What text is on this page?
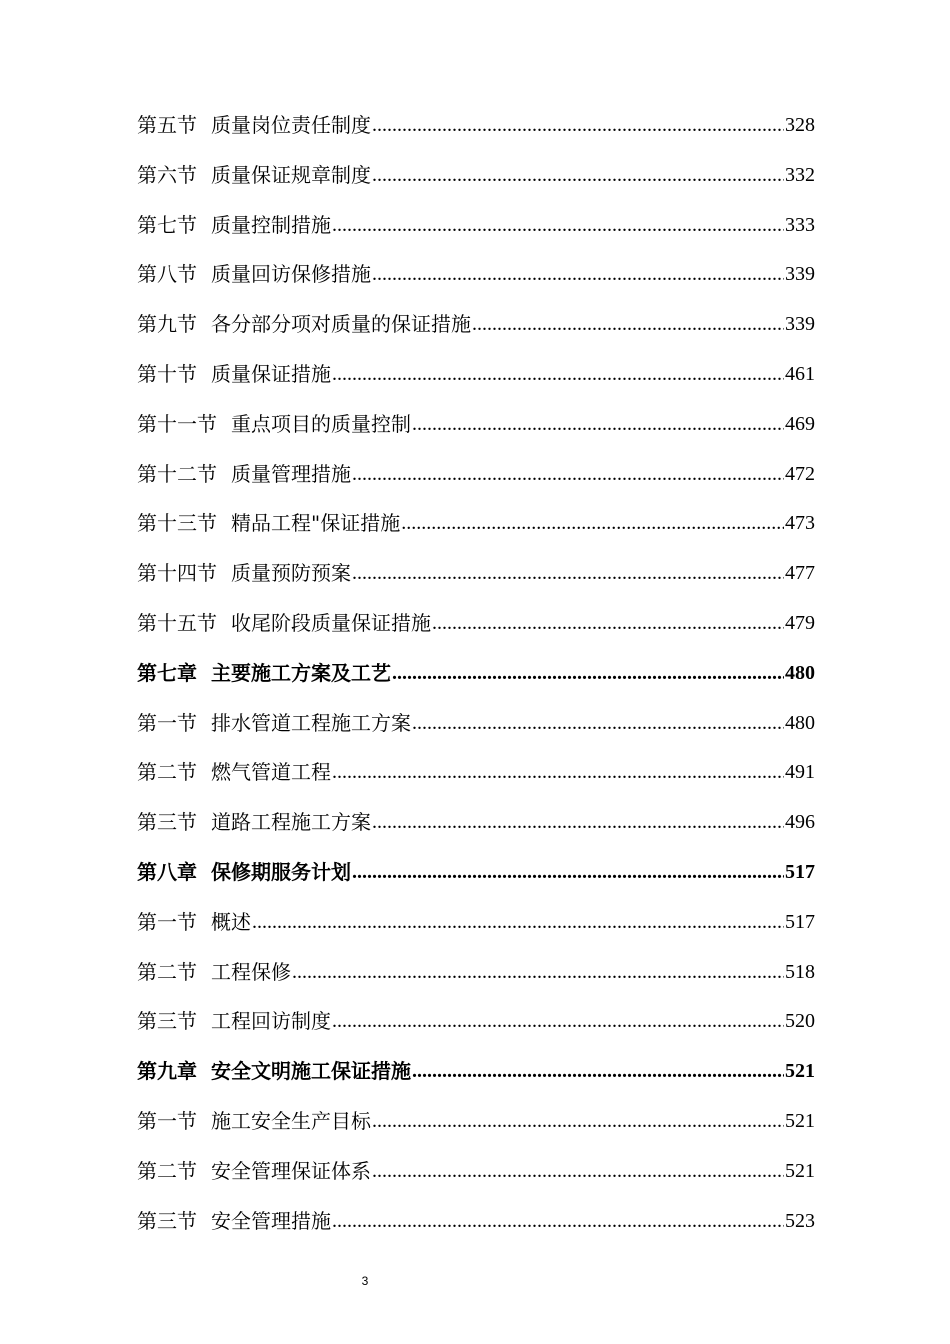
第五节 质量岗位责任制度 .....	328
第六节 质量保证规章制度 .....	332
第七节 质量控制措施 .....	333
第八节 质量回访保修措施 .....	339
第九节 各分部分项对质量的保证措施 .....	339
第十节 质量保证措施 .....	461
第十一节 重点项目的质量控制 .....	469
第十二节 质量管理措施 .....	472
第十三节 精品工程"保证措施 .....	473
第十四节 质量预防预案 .....	477
第十五节 收尾阶段质量保证措施 .....	479
第七章 主要施工方案及工艺 .....	480
第一节 排水管道工程施工方案 .....	480
第二节 燃气管道工程 .....	491
第三节 道路工程施工方案 .....	496
第八章 保修期服务计划 .....	517
第一节 概述 .....	517
第二节 工程保修 .....	518
第三节 工程回访制度 .....	520
第九章 安全文明施工保证措施 .....	521
第一节 施工安全生产目标 .....	521
第二节 安全管理保证体系 .....	521
第三节 安全管理措施 .....	523
3
